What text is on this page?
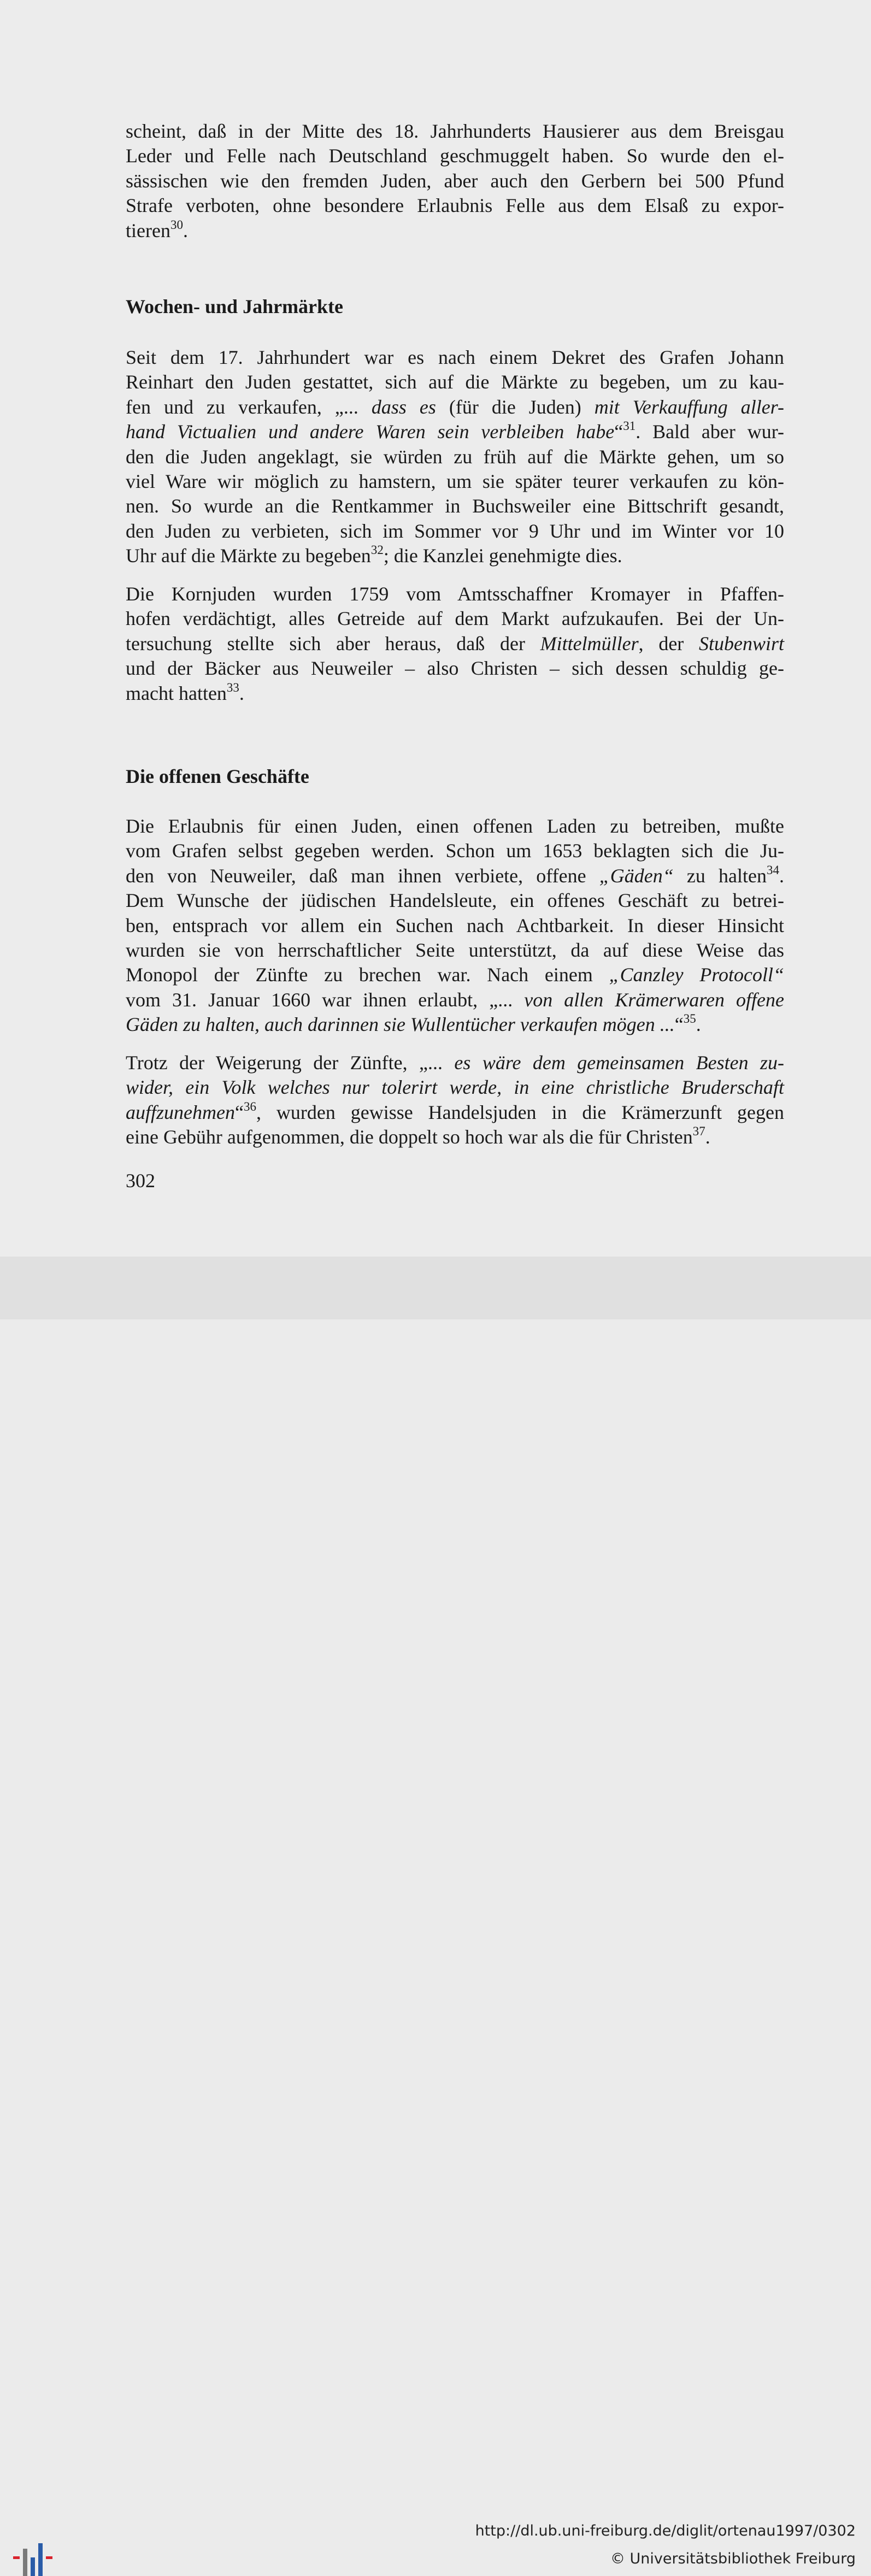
scheint, daß in der Mitte des 18. Jahrhunderts Hausierer aus dem Breisgau
Leder und Felle nach Deutschland geschmuggelt haben. So wurde den el-
sässischen wie den fremden Juden, aber auch den Gerbern bei 500 Pfund
Strafe verboten, ohne besondere Erlaubnis Felle aus dem Elsaß zu expor-
tieren$^{30}$.

Wochen- und Jahrmärkte

Seit dem 17. Jahrhundert war es nach einem Dekret des Grafen Johann
Reinhart den Juden gestattet, sich auf die Märkte zu begeben, um zu kau-
fen und zu verkaufen, „... dass es (für die Juden) mit Verkauffung aller-
hand Victualien und andere Waren sein verbleiben habe“$^{31}$. Bald aber wur-
den die Juden angeklagt, sie würden zu früh auf die Märkte gehen, um so
viel Ware wir möglich zu hamstern, um sie später teurer verkaufen zu kön-
nen. So wurde an die Rentkammer in Buchsweiler eine Bittschrift gesandt,
den Juden zu verbieten, sich im Sommer vor 9 Uhr und im Winter vor 10
Uhr auf die Märkte zu begeben$^{32}$; die Kanzlei genehmigte dies.

Die Kornjuden wurden 1759 vom Amtsschaffner Kromayer in Pfaffen-
hofen verdächtigt, alles Getreide auf dem Markt aufzukaufen. Bei der Un-
tersuchung stellte sich aber heraus, daß der Mittelmüller, der Stubenwirt
und der Bäcker aus Neuweiler – also Christen – sich dessen schuldig ge-
macht hatten$^{33}$.

Die offenen Geschäfte

Die Erlaubnis für einen Juden, einen offenen Laden zu betreiben, mußte
vom Grafen selbst gegeben werden. Schon um 1653 beklagten sich die Ju-
den von Neuweiler, daß man ihnen verbiete, offene „Gäden“ zu halten$^{34}$.
Dem Wunsche der jüdischen Handelsleute, ein offenes Geschäft zu betrei-
ben, entsprach vor allem ein Suchen nach Achtbarkeit. In dieser Hinsicht
wurden sie von herrschaftlicher Seite unterstützt, da auf diese Weise das
Monopol der Zünfte zu brechen war. Nach einem „Canzley Protocoll“
vom 31. Januar 1660 war ihnen erlaubt, „... von allen Krämerwaren offene
Gäden zu halten, auch darinnen sie Wullentücher verkaufen mögen ...“$^{35}$.

Trotz der Weigerung der Zünfte, „... es wäre dem gemeinsamen Besten zu-
wider, ein Volk welches nur tolerirt werde, in eine christliche Bruderschaft
auffzunehmen“$^{36}$, wurden gewisse Handelsjuden in die Krämerzunft gegen
eine Gebühr aufgenommen, die doppelt so hoch war als die für Christen$^{37}$.

302
http://dl.ub.uni-freiburg.de/diglit/ortenau1997/0302
© Universitätsbibliothek Freiburg
